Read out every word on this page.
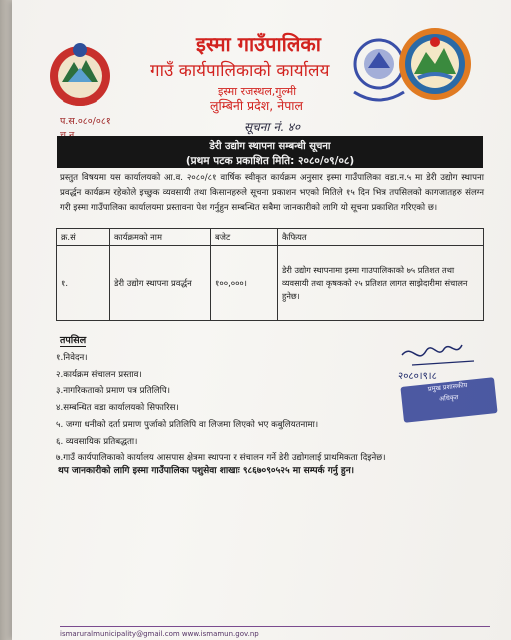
इस्मा गाउँपालिका
गाउँ कार्यपालिकाको कार्यालय
इस्मा रजस्थल,गुल्मी
लुम्बिनी प्रदेश, नेपाल
प.स.०८०/०८१	सूचना नं. ४०
डेरी उद्योग स्थापना सम्बन्धी सूचना
(प्रथम पटक प्रकाशित मिति: २०८०/०९/०८)
प्रस्तुत विषयमा यस कार्यालयको आ.व. २०८०/८१ वार्षिक स्वीकृत कार्यक्रम अनुसार इस्मा गाउँपालिका वडा.न.५ मा डेरी उद्योग स्थापना प्रवर्द्धन कार्यक्रम रहेकोले इच्छुक व्यवसायी तथा किसानहरुले सूचना प्रकाशन भएको मितिले १५ दिन भित्र तपसिलको कागजातहरु संलग्न गरी इस्मा गाउँपालिका कार्यालयमा प्रस्तावना पेश गर्नुहुन सम्बन्धित सबैमा जानकारीको लागि यो सूचना प्रकाशित गरिएको छ।
क्र.सं	कार्यक्रमको नाम	बजेट	कैफियत
१.	डेरी उद्योग स्थापना प्रवर्द्धन	१००,०००।	डेरी उद्योग स्थापनामा इस्मा गाउपालिकाको ७५ प्रतिशत तथा व्यवसायी तथा कृषकको २५ प्रतिशत लागत साझेदारीमा संचालन हुनेछ।
तपसिल
१.निवेदन।
२.कार्यक्रम संचालन प्रस्ताव।
३.नागरिकताको प्रमाण पत्र प्रतिलिपि।
४.सम्बन्धित वडा कार्यालयको सिफारिस।
५. जग्गा धनीको दर्ता प्रमाण पुर्जाको प्रतिलिपि वा लिजमा लिएको भए कबुलियतनामा।
६. व्यवसायिक प्रतिबद्धता।
७.गाउँ कार्यपालिकाको कार्यालय आसपास क्षेत्रमा स्थापना र संचालन गर्ने डेरी उद्योगलाई प्राथमिकता दिइनेछ।
२०८०।९।८
प्रमुख प्रशासकीय
अधिकृत
थप जानकारीको लागि इस्मा गाउँपालिका पशुसेवा शाखाः ९८६७०९०५२५ मा सम्पर्क गर्नु हुन।
ismaruralmunicipality@gmail.com www.ismamun.gov.np
